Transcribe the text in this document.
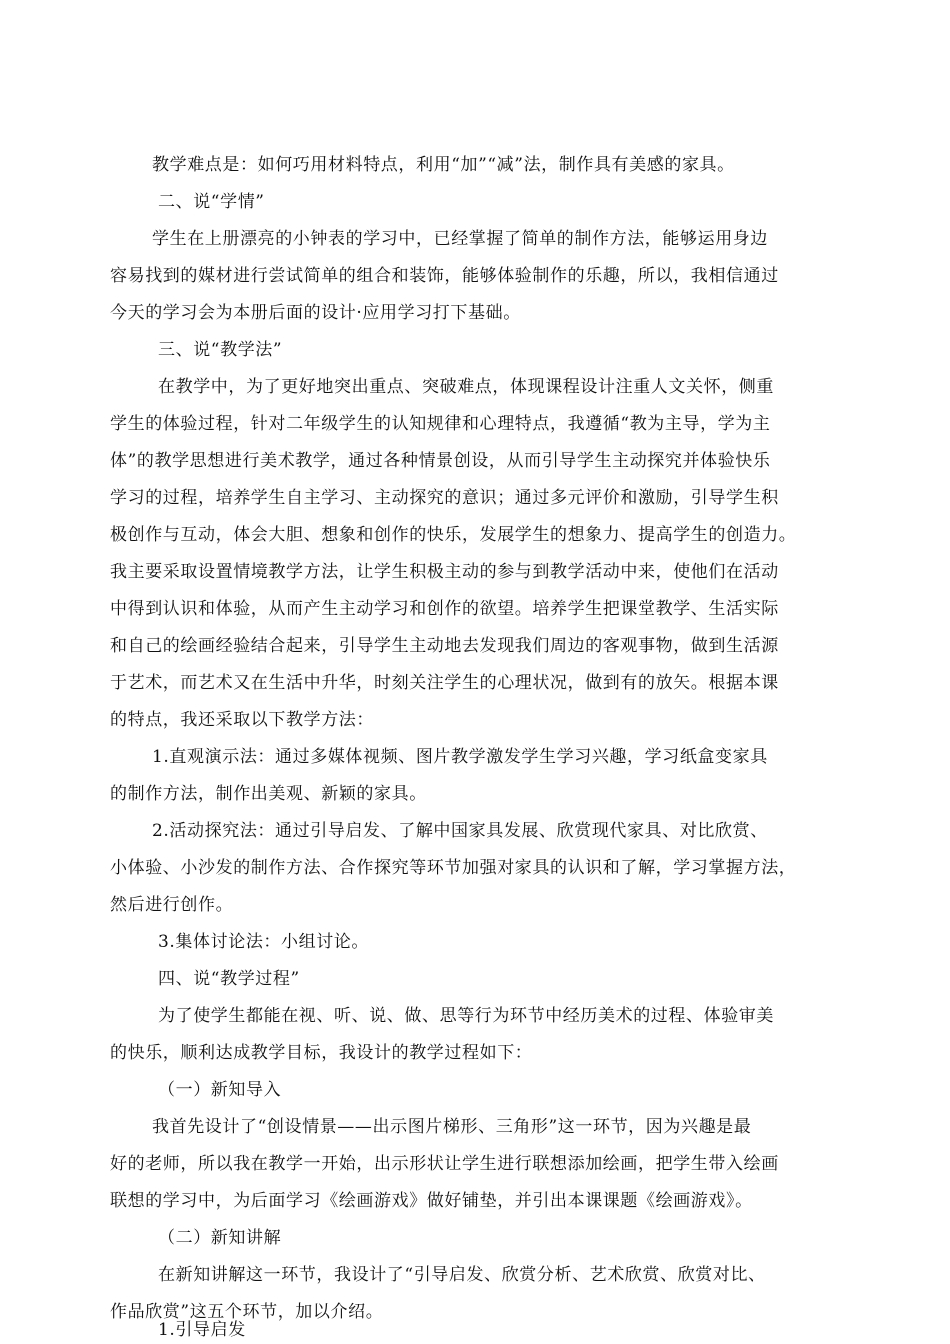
教学难点是：如何巧用材料特点，利用“加”“减”法，制作具有美感的家具。
二、说“学情”
学生在上册漂亮的小钟表的学习中，已经掌握了简单的制作方法，能够运用身边
容易找到的媒材进行尝试简单的组合和装饰，能够体验制作的乐趣，所以，我相信通过
今天的学习会为本册后面的设计·应用学习打下基础。
三、说“教学法”
在教学中，为了更好地突出重点、突破难点，体现课程设计注重人文关怀，侧重
学生的体验过程，针对二年级学生的认知规律和心理特点，我遵循“教为主导，学为主
体”的教学思想进行美术教学，通过各种情景创设，从而引导学生主动探究并体验快乐
学习的过程，培养学生自主学习、主动探究的意识；通过多元评价和激励，引导学生积
极创作与互动，体会大胆、想象和创作的快乐，发展学生的想象力、提高学生的创造力。
我主要采取设置情境教学方法，让学生积极主动的参与到教学活动中来，使他们在活动
中得到认识和体验，从而产生主动学习和创作的欲望。培养学生把课堂教学、生活实际
和自己的绘画经验结合起来，引导学生主动地去发现我们周边的客观事物，做到生活源
于艺术，而艺术又在生活中升华，时刻关注学生的心理状况，做到有的放矢。根据本课
的特点，我还采取以下教学方法：
1.直观演示法：通过多媒体视频、图片教学激发学生学习兴趣，学习纸盒变家具
的制作方法，制作出美观、新颖的家具。
2.活动探究法：通过引导启发、了解中国家具发展、欣赏现代家具、对比欣赏、
小体验、小沙发的制作方法、合作探究等环节加强对家具的认识和了解，学习掌握方法，
然后进行创作。
3.集体讨论法：小组讨论。
四、说“教学过程”
为了使学生都能在视、听、说、做、思等行为环节中经历美术的过程、体验审美
的快乐，顺利达成教学目标，我设计的教学过程如下：
（一）新知导入
我首先设计了“创设情景——出示图片梯形、三角形”这一环节，因为兴趣是最
好的老师，所以我在教学一开始，出示形状让学生进行联想添加绘画，把学生带入绘画
联想的学习中，为后面学习《绘画游戏》做好铺垫，并引出本课课题《绘画游戏》。
（二）新知讲解
在新知讲解这一环节，我设计了“引导启发、欣赏分析、艺术欣赏、欣赏对比、
作品欣赏”这五个环节，加以介绍。
1.引导启发
